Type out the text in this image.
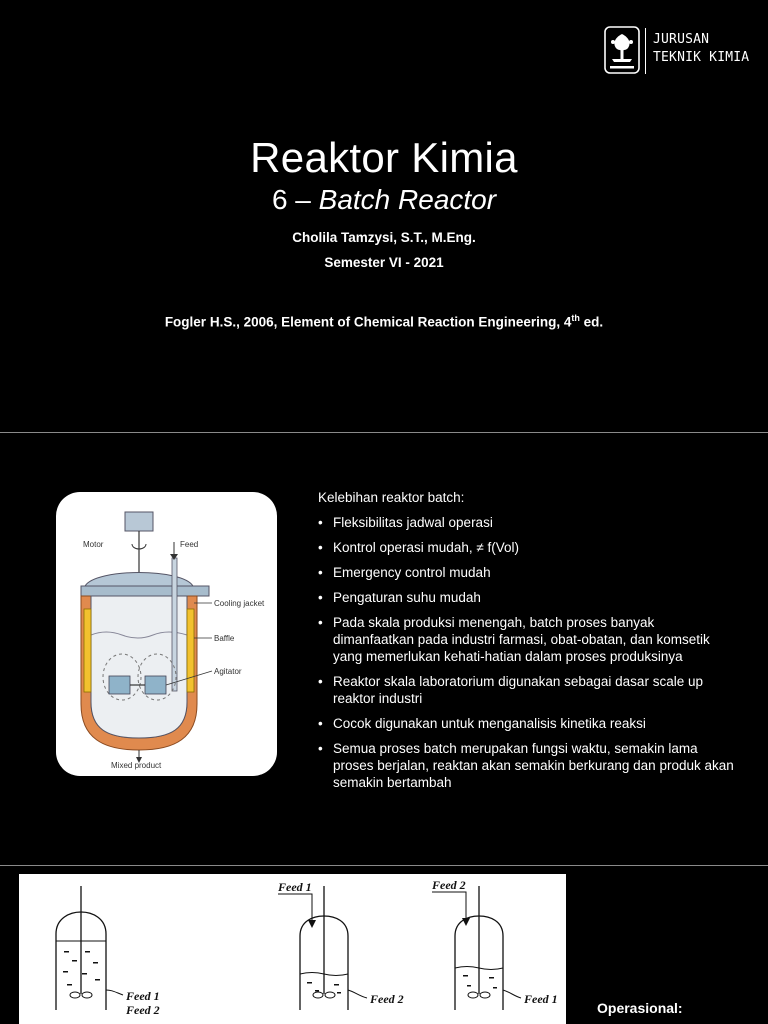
JURUSAN
TEKNIK KIMIA
Reaktor Kimia
6 – Batch Reactor
Cholila Tamzysi, S.T., M.Eng.
Semester VI - 2021
Fogler H.S., 2006, Element of Chemical Reaction Engineering, 4th ed.
Motor	Feed
Cooling jacket
Baffle
Agitator
Mixed product
Kelebihan reaktor batch:
• Fleksibilitas jadwal operasi
• Kontrol operasi mudah, ≠ f(Vol)
• Emergency control mudah
• Pengaturan suhu mudah
• Pada skala produksi menengah, batch proses banyak dimanfaatkan pada industri farmasi, obat-obatan, dan komsetik yang memerlukan kehati-hatian dalam proses produksinya
• Reaktor skala laboratorium digunakan sebagai dasar scale up reaktor industri
• Cocok digunakan untuk menganalisis kinetika reaksi
• Semua proses batch merupakan fungsi waktu, semakin lama proses berjalan, reaktan akan semakin berkurang dan produk akan semakin bertambah
Feed 1
Feed 2
Feed 1
Feed 2
Feed 2
Feed 1
Operasional:
